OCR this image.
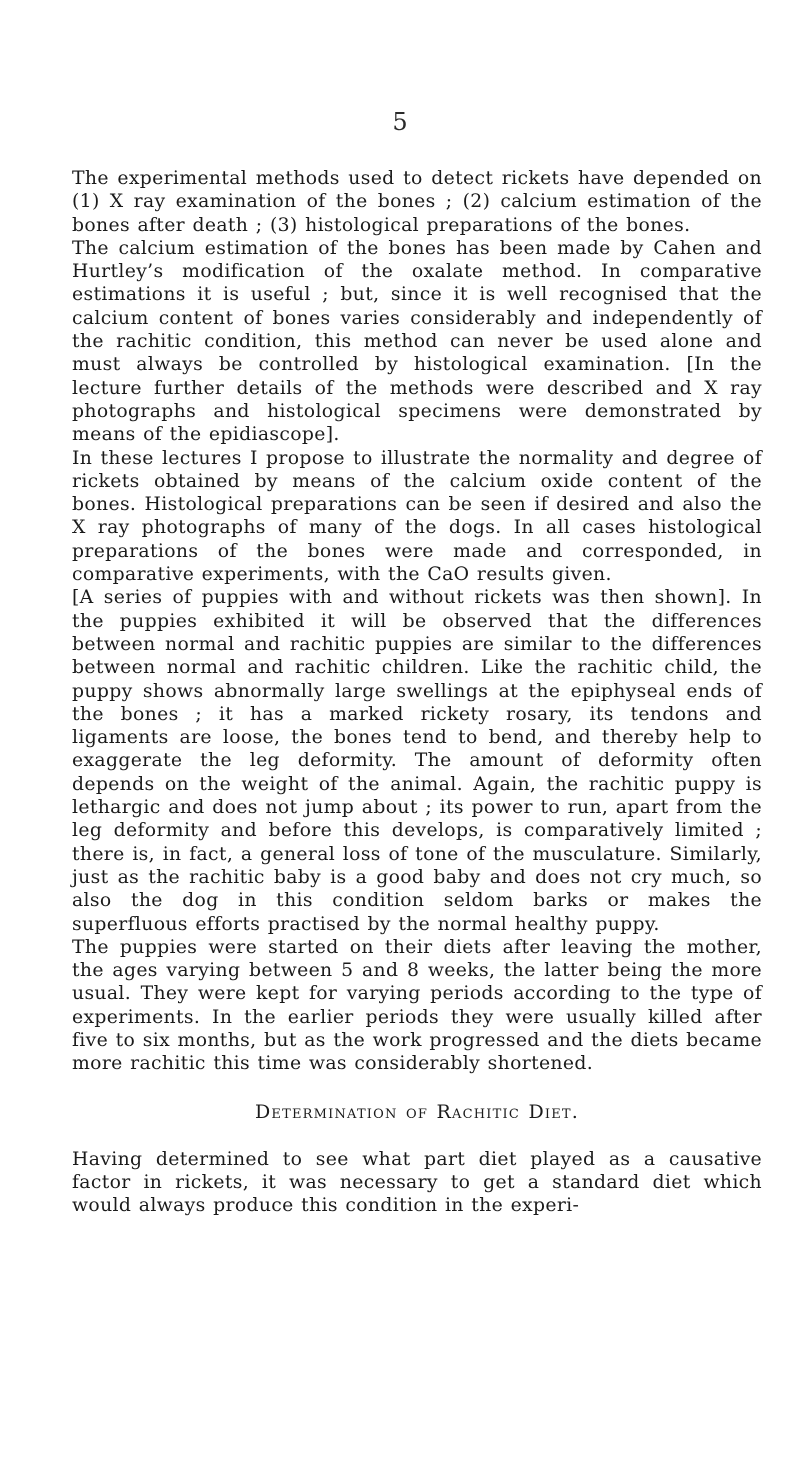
5

The experimental methods used to detect rickets have depended on (1) X ray examination of the bones ; (2) calcium estimation of the bones after death ; (3) histological preparations of the bones.

The calcium estimation of the bones has been made by Cahen and Hurtley’s modification of the oxalate method. In comparative estimations it is useful ; but, since it is well recognised that the calcium content of bones varies considerably and independently of the rachitic condition, this method can never be used alone and must always be controlled by histological examination. [In the lecture further details of the methods were described and X ray photographs and histological specimens were demonstrated by means of the epidiascope].

In these lectures I propose to illustrate the normality and degree of rickets obtained by means of the calcium oxide content of the bones. Histological preparations can be seen if desired and also the X ray photographs of many of the dogs. In all cases histological preparations of the bones were made and corresponded, in comparative experiments, with the CaO results given.

[A series of puppies with and without rickets was then shown]. In the puppies exhibited it will be observed that the differences between normal and rachitic puppies are similar to the differences between normal and rachitic children. Like the rachitic child, the puppy shows abnormally large swellings at the epiphyseal ends of the bones ; it has a marked rickety rosary, its tendons and ligaments are loose, the bones tend to bend, and thereby help to exaggerate the leg deformity. The amount of deformity often depends on the weight of the animal. Again, the rachitic puppy is lethargic and does not jump about ; its power to run, apart from the leg deformity and before this develops, is comparatively limited ; there is, in fact, a general loss of tone of the musculature. Similarly, just as the rachitic baby is a good baby and does not cry much, so also the dog in this condition seldom barks or makes the superfluous efforts practised by the normal healthy puppy.

The puppies were started on their diets after leaving the mother, the ages varying between 5 and 8 weeks, the latter being the more usual. They were kept for varying periods according to the type of experiments. In the earlier periods they were usually killed after five to six months, but as the work progressed and the diets became more rachitic this time was considerably shortened.

Determination of Rachitic Diet.

Having determined to see what part diet played as a causative factor in rickets, it was necessary to get a standard diet which would always produce this condition in the experi-
